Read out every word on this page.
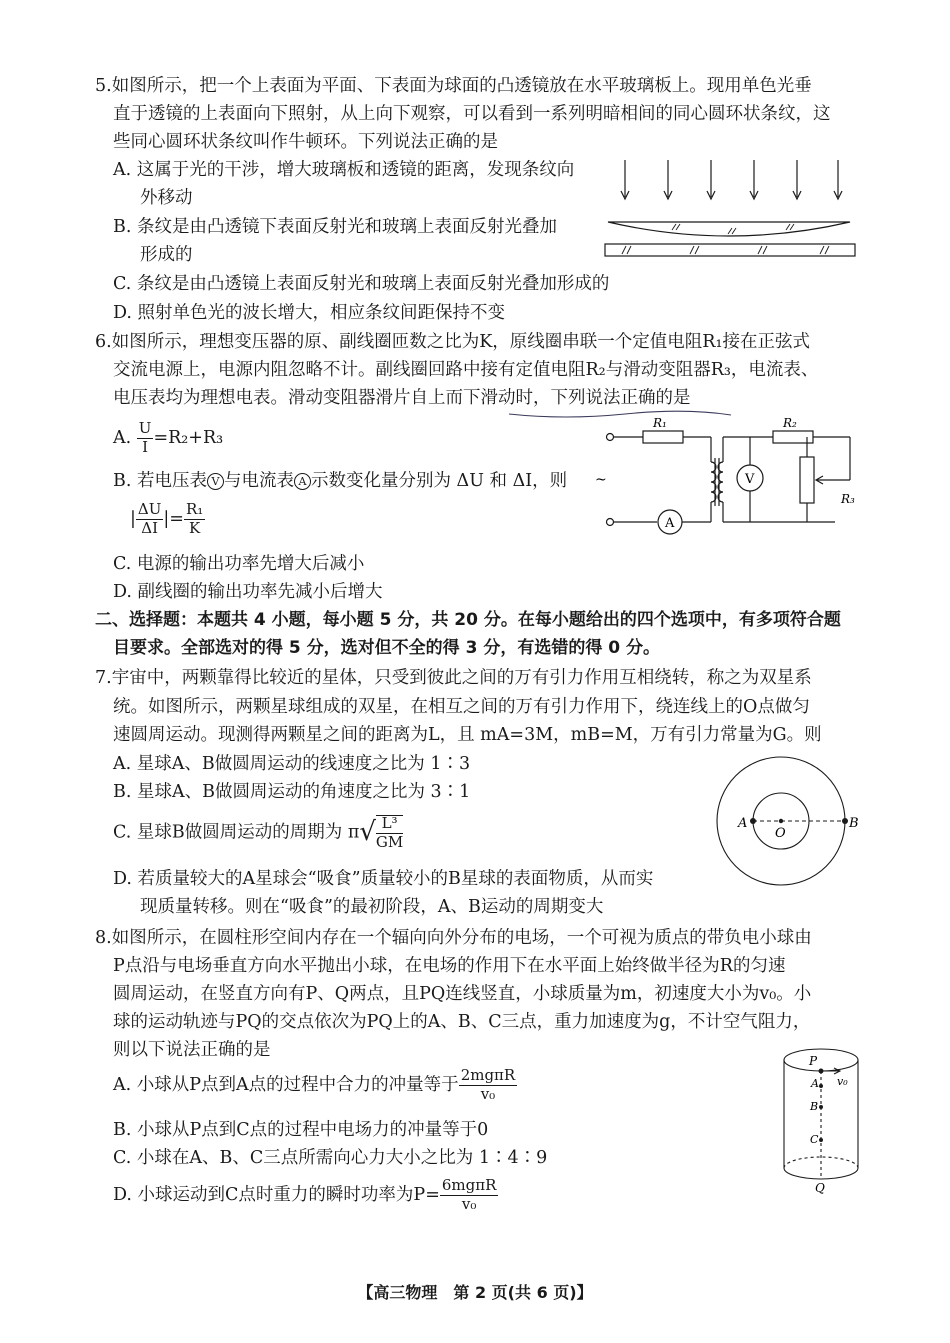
5.如图所示，把一个上表面为平面、下表面为球面的凸透镜放在水平玻璃板上。现用单色光垂
直于透镜的上表面向下照射，从上向下观察，可以看到一系列明暗相间的同心圆环状条纹，这
些同心圆环状条纹叫作牛顿环。下列说法正确的是
A. 这属于光的干涉，增大玻璃板和透镜的距离，发现条纹向
外移动
B. 条纹是由凸透镜下表面反射光和玻璃上表面反射光叠加
形成的
C. 条纹是由凸透镜上表面反射光和玻璃上表面反射光叠加形成的
D. 照射单色光的波长增大，相应条纹间距保持不变
6.如图所示，理想变压器的原、副线圈匝数之比为K，原线圈串联一个定值电阻R₁接在正弦式
交流电源上，电源内阻忽略不计。副线圈回路中接有定值电阻R₂与滑动变阻器R₃，电流表、
电压表均为理想电表。滑动变阻器滑片自上而下滑动时，下列说法正确的是
A. $\frac{U}{I} =R_2+R_3$
B. 若电压表 V 与电流表 A 示数变化量分别为 ΔU 和 ΔI，则
| $\frac{\Delta U}{\Delta I}$ |= $\frac{\text{R₁}}{K}$
C. 电源的输出功率先增大后减小
D. 副线圈的输出功率先减小后增大
R₁	R₂
R₃
V
A
~
二、选择题：本题共 4 小题，每小题 5 分，共 20 分。在每小题给出的四个选项中，有多项符合题
目要求。全部选对的得 5 分，选对但不全的得 3 分，有选错的得 0 分。
7.宇宙中，两颗靠得比较近的星体，只受到彼此之间的万有引力作用互相绕转，称之为双星系
统。如图所示，两颗星球组成的双星，在相互之间的万有引力作用下，绕连线上的O点做匀
速圆周运动。现测得两颗星之间的距离为L，且 mA=3M，mB=M，万有引力常量为G。则
A. 星球A、B做圆周运动的线速度之比为 1∶3
B. 星球A、B做圆周运动的角速度之比为 3∶1
C. 星球B做圆周运动的周期为 $\pi√ \frac{\text{L³}}{GM}$
D. 若质量较大的A星球会“吸食”质量较小的B星球的表面物质，从而实
现质量转移。则在“吸食”的最初阶段，A、B运动的周期变大
A
O
B
8.如图所示，在圆柱形空间内存在一个辐向向外分布的电场，一个可视为质点的带负电小球由
P点沿与电场垂直方向水平抛出小球，在电场的作用下在水平面上始终做半径为R的匀速
圆周运动，在竖直方向有P、Q两点，且PQ连线竖直，小球质量为m，初速度大小为v₀。小
球的运动轨迹与PQ的交点依次为PQ上的A、B、C三点，重力加速度为g，不计空气阻力，
则以下说法正确的是
A. 小球从P点到A点的过程中合力的冲量等于 $\frac{\text{2mgπR}}{\text{v₀}}$
B. 小球从P点到C点的过程中电场力的冲量等于0
C. 小球在A、B、C三点所需向心力大小之比为 1∶4∶9
D. 小球运动到C点时重力的瞬时功率为$P= \frac{\text{6mgπR}}{\text{v₀}}$
P
A
B
C
Q
v₀
【高三物理　第 2 页(共 6 页)】
